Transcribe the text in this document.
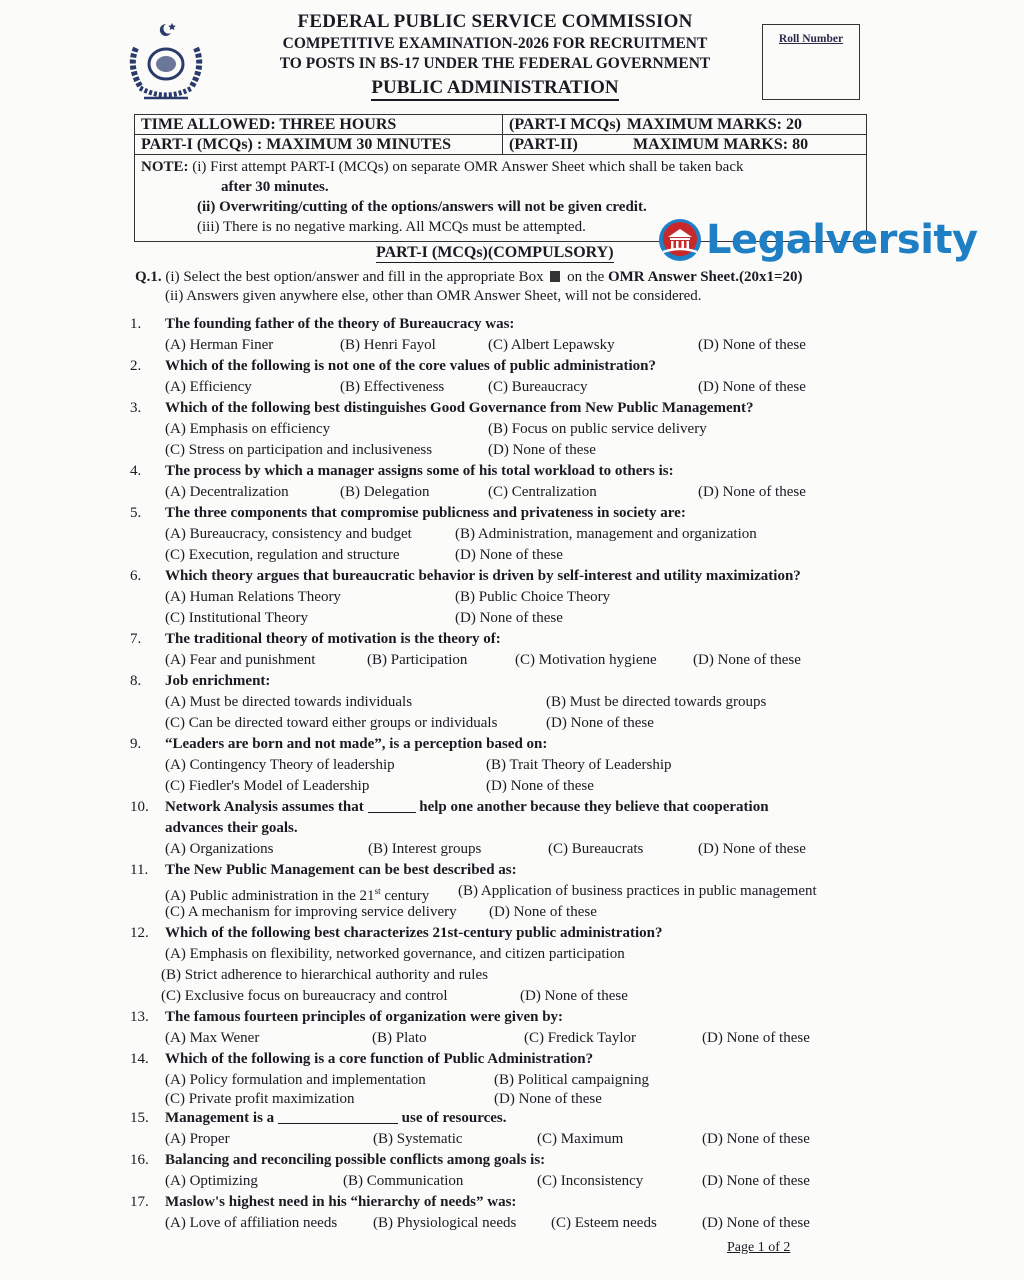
FEDERAL PUBLIC SERVICE COMMISSION
COMPETITIVE EXAMINATION-2026 FOR RECRUITMENT
TO POSTS IN BS-17 UNDER THE FEDERAL GOVERNMENT
PUBLIC ADMINISTRATION
Roll Number
TIME ALLOWED: THREE HOURS	(PART-I MCQs) MAXIMUM MARKS: 20
PART-I (MCQs) : MAXIMUM 30 MINUTES	(PART-II)	MAXIMUM MARKS: 80
NOTE: (i) First attempt PART-I (MCQs) on separate OMR Answer Sheet which shall be taken back
after 30 minutes.
(ii) Overwriting/cutting of the options/answers will not be given credit.
(iii) There is no negative marking. All MCQs must be attempted.	Legalversity
PART-I (MCQs)(COMPULSORY)
Q.1. (i) Select the best option/answer and fill in the appropriate Box on the OMR Answer Sheet.(20x1=20)
(ii) Answers given anywhere else, other than OMR Answer Sheet, will not be considered.
1.	The founding father of the theory of Bureaucracy was:
(A) Herman Finer	(B) Henri Fayol	(C) Albert Lepawsky	(D) None of these
2.	Which of the following is not one of the core values of public administration?
(A) Efficiency	(B) Effectiveness	(C) Bureaucracy	(D) None of these
3.	Which of the following best distinguishes Good Governance from New Public Management?
(A) Emphasis on efficiency	(B) Focus on public service delivery
(C) Stress on participation and inclusiveness	(D) None of these
4.	The process by which a manager assigns some of his total workload to others is:
(A) Decentralization	(B) Delegation	(C) Centralization	(D) None of these
5.	The three components that compromise publicness and privateness in society are:
(A) Bureaucracy, consistency and budget	(B) Administration, management and organization
(C) Execution, regulation and structure	(D) None of these
6.	Which theory argues that bureaucratic behavior is driven by self-interest and utility maximization?
(A) Human Relations Theory	(B) Public Choice Theory
(C) Institutional Theory	(D) None of these
7.	The traditional theory of motivation is the theory of:
(A) Fear and punishment	(B) Participation	(C) Motivation hygiene (D) None of these
8.	Job enrichment:
(A) Must be directed towards individuals	(B) Must be directed towards groups
(C) Can be directed toward either groups or individuals	(D) None of these
9.	“Leaders are born and not made”, is a perception based on:
(A) Contingency Theory of leadership	(B) Trait Theory of Leadership
(C) Fiedler's Model of Leadership	(D) None of these
10.	Network Analysis assumes that	help one another because they believe that cooperation
advances their goals.
(A) Organizations	(B) Interest groups	(C) Bureaucrats	(D) None of these
11.	The New Public Management can be best described as:
(A) Public administration in the 21st century (B) Application of business practices in public management
(C) A mechanism for improving service delivery (D) None of these
12.	Which of the following best characterizes 21st-century public administration?
(A) Emphasis on flexibility, networked governance, and citizen participation
(B) Strict adherence to hierarchical authority and rules
(C) Exclusive focus on bureaucracy and control	(D) None of these
13.	The famous fourteen principles of organization were given by:
(A) Max Wener	(B) Plato	(C) Fredick Taylor	(D) None of these
14.	Which of the following is a core function of Public Administration?
(A) Policy formulation and implementation	(B) Political campaigning
(C) Private profit maximization	(D) None of these
15.	Management is a	use of resources.
(A) Proper	(B) Systematic	(C) Maximum	(D) None of these
16.	Balancing and reconciling possible conflicts among goals is:
(A) Optimizing	(B) Communication	(C) Inconsistency	(D) None of these
17.	Maslow's highest need in his “hierarchy of needs” was:
(A) Love of affiliation needs (B) Physiological needs (C) Esteem needs	(D) None of these
Page 1 of 2
